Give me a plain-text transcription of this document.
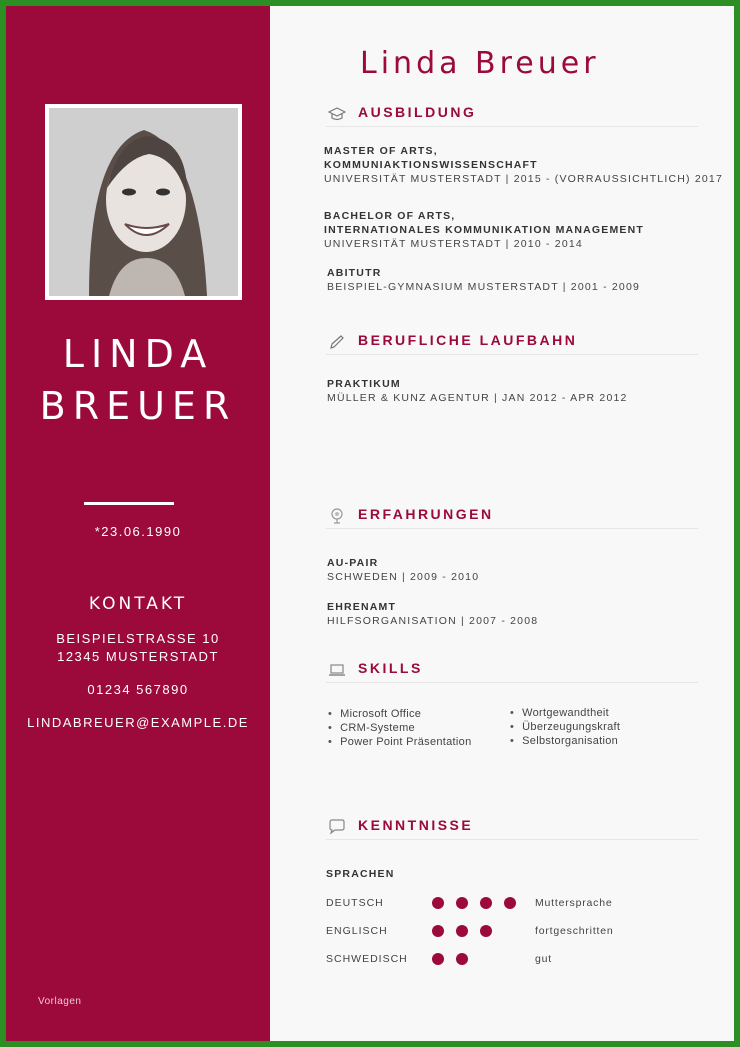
LINDA
BREUER
*23.06.1990
KONTAKT
BEISPIELSTRASSE 10
12345 MUSTERSTADT
01234 567890
LINDABREUER@EXAMPLE.DE
Vorlagen
Linda Breuer
AUSBILDUNG
MASTER OF ARTS,
KOMMUNIAKTIONSWISSENSCHAFT
UNIVERSITÄT MUSTERSTADT | 2015 - (VORRAUSSICHTLICH) 2017
BACHELOR OF ARTS,
INTERNATIONALES KOMMUNIKATION MANAGEMENT
UNIVERSITÄT MUSTERSTADT | 2010 - 2014
ABITUTR
BEISPIEL-GYMNASIUM MUSTERSTADT | 2001 - 2009
BERUFLICHE LAUFBAHN
PRAKTIKUM
MÜLLER & KUNZ AGENTUR | JAN 2012 - APR 2012
ERFAHRUNGEN
AU-PAIR
SCHWEDEN | 2009 - 2010
EHRENAMT
HILFSORGANISATION | 2007 - 2008
SKILLS
• Microsoft Office
• CRM-Systeme
• Power Point Präsentation
• Wortgewandtheit
• Überzeugungskraft
• Selbstorganisation
KENNTNISSE
SPRACHEN
DEUTSCH	Muttersprache
ENGLISCH	fortgeschritten
SCHWEDISCH	gut
